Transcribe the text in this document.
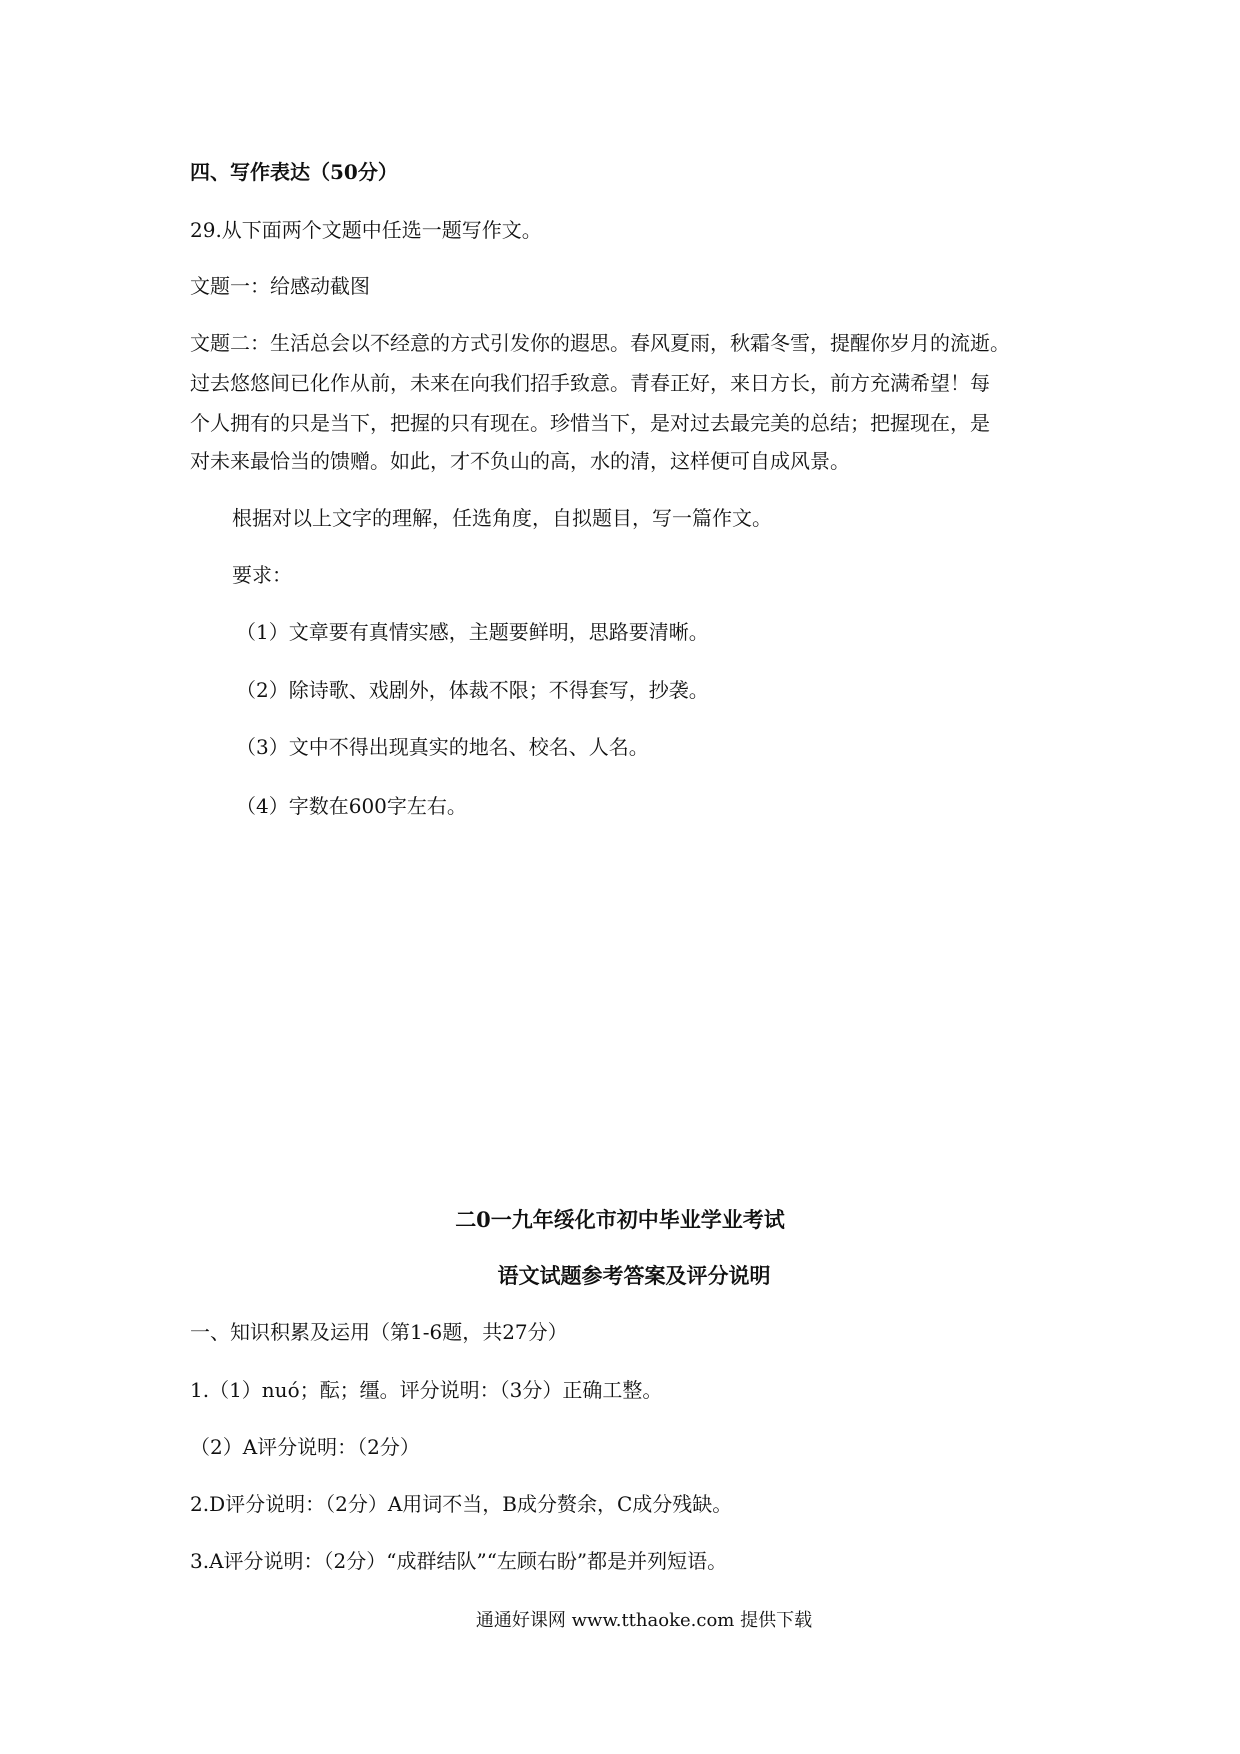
四、写作表达（50分）
29.从下面两个文题中任选一题写作文。
文题一：给感动截图
文题二：生活总会以不经意的方式引发你的遐思。春风夏雨，秋霜冬雪，提醒你岁月的流逝。
过去悠悠间已化作从前，未来在向我们招手致意。青春正好，来日方长，前方充满希望！每
个人拥有的只是当下，把握的只有现在。珍惜当下，是对过去最完美的总结；把握现在，是
对未来最恰当的馈赠。如此，才不负山的高，水的清，这样便可自成风景。
根据对以上文字的理解，任选角度，自拟题目，写一篇作文。
要求：
（1）文章要有真情实感，主题要鲜明，思路要清晰。
（2）除诗歌、戏剧外，体裁不限；不得套写，抄袭。
（3）文中不得出现真实的地名、校名、人名。
（4）字数在600字左右。
二0一九年绥化市初中毕业学业考试
语文试题参考答案及评分说明
一、知识积累及运用（第1-6题，共27分）
1.（1）nuó；酝；缰。评分说明：（3分）正确工整。
（2）A评分说明：（2分）
2.D评分说明：（2分）A用词不当，B成分赘余，C成分残缺。
3.A评分说明：（2分）“成群结队”“左顾右盼”都是并列短语。
通通好课网 www.tthaoke.com 提供下载
